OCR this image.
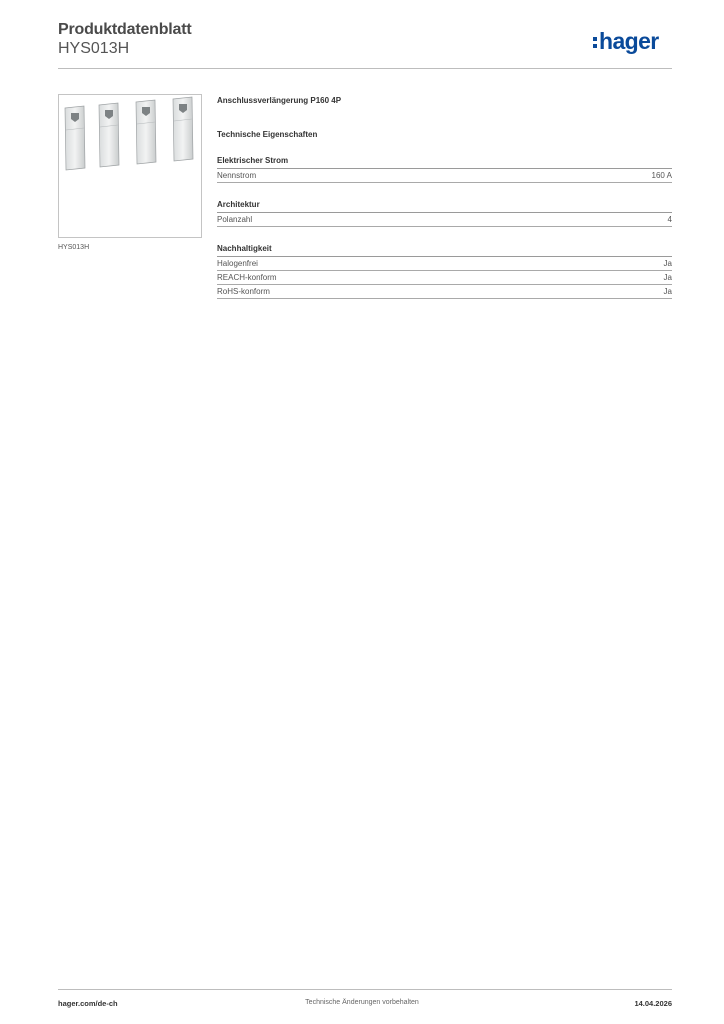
Produktdatenblatt
HYS013H	hager
HYS013H
Anschlussverlängerung P160 4P
Technische Eigenschaften
Elektrischer Strom
Nennstrom	160 A
Architektur
Polanzahl	4
Nachhaltigkeit
Halogenfrei	Ja
REACH-konform	Ja
RoHS-konform	Ja
hager.com/de-ch	Technische Änderungen vorbehalten	14.04.2026
